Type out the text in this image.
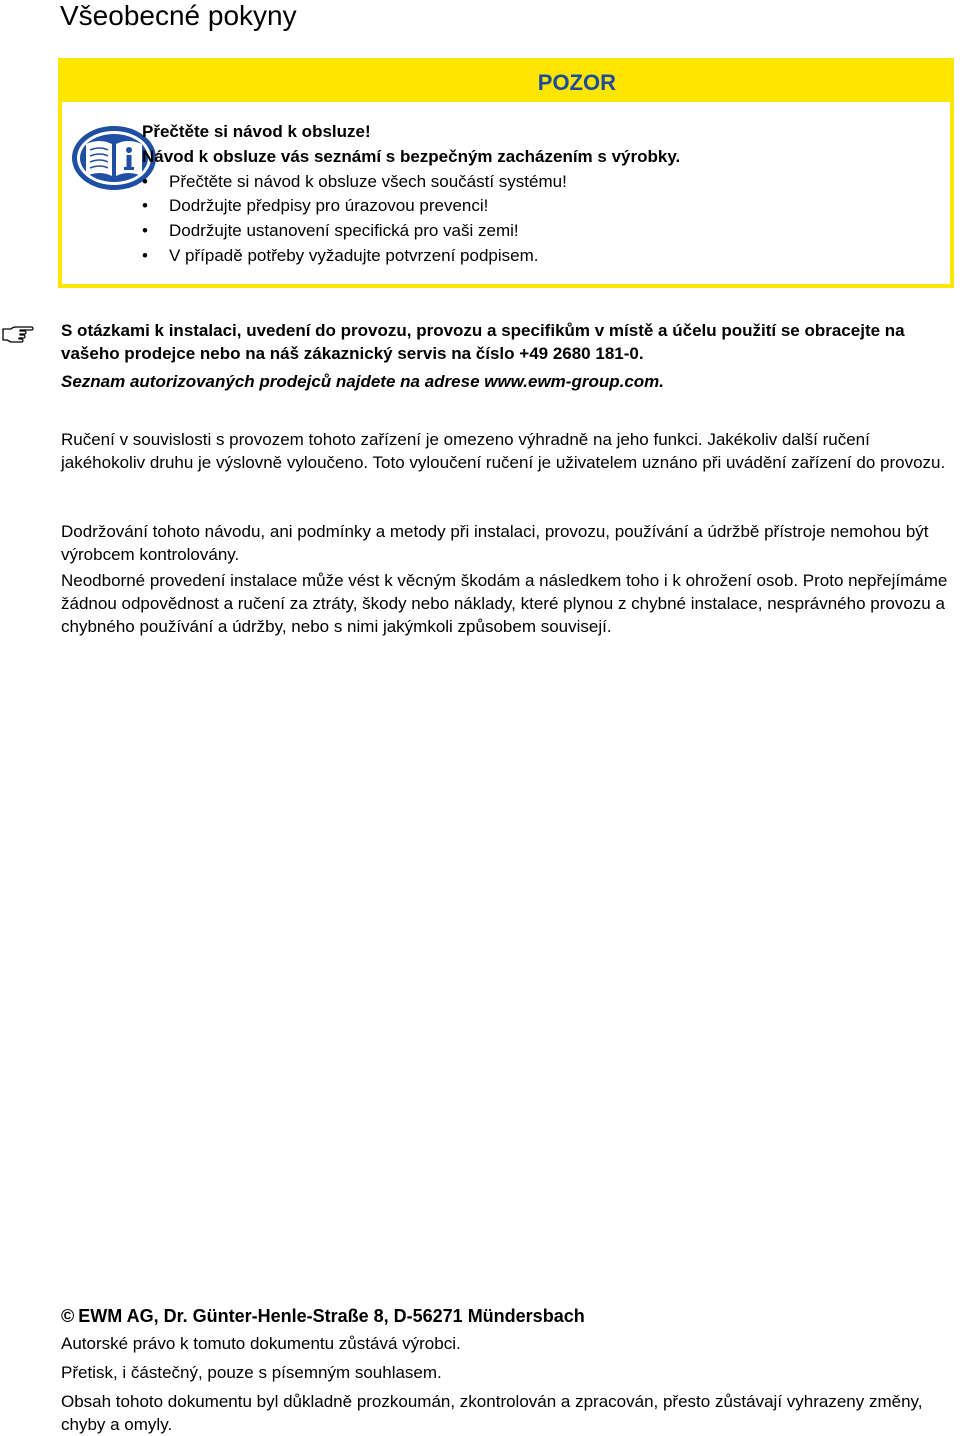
Všeobecné pokyny
POZOR
Přečtěte si návod k obsluze!
Návod k obsluze vás seznámí s bezpečným zacházením s výrobky.
• Přečtěte si návod k obsluze všech součástí systému!
• Dodržujte předpisy pro úrazovou prevenci!
• Dodržujte ustanovení specifická pro vaši zemi!
• V případě potřeby vyžadujte potvrzení podpisem.
S otázkami k instalaci, uvedení do provozu, provozu a specifikům v místě a účelu použití se obracejte na vašeho prodejce nebo na náš zákaznický servis na číslo +49 2680 181-0.
Seznam autorizovaných prodejců najdete na adrese www.ewm-group.com.
Ručení v souvislosti s provozem tohoto zařízení je omezeno výhradně na jeho funkci. Jakékoliv další ručení jakéhokoliv druhu je výslovně vyloučeno. Toto vyloučení ručení je uživatelem uznáno při uvádění zařízení do provozu.
Dodržování tohoto návodu, ani podmínky a metody při instalaci, provozu, používání a údržbě přístroje nemohou být výrobcem kontrolovány.
Neodborné provedení instalace může vést k věcným škodám a následkem toho i k ohrožení osob. Proto nepřejímáme žádnou odpovědnost a ručení za ztráty, škody nebo náklady, které plynou z chybné instalace, nesprávného provozu a chybného používání a údržby, nebo s nimi jakýmkoli způsobem souvisejí.
© EWM AG, Dr. Günter-Henle-Straße 8, D-56271 Mündersbach
Autorské právo k tomuto dokumentu zůstává výrobci.
Přetisk, i částečný, pouze s písemným souhlasem.
Obsah tohoto dokumentu byl důkladně prozkoumán, zkontrolován a zpracován, přesto zůstávají vyhrazeny změny, chyby a omyly.
